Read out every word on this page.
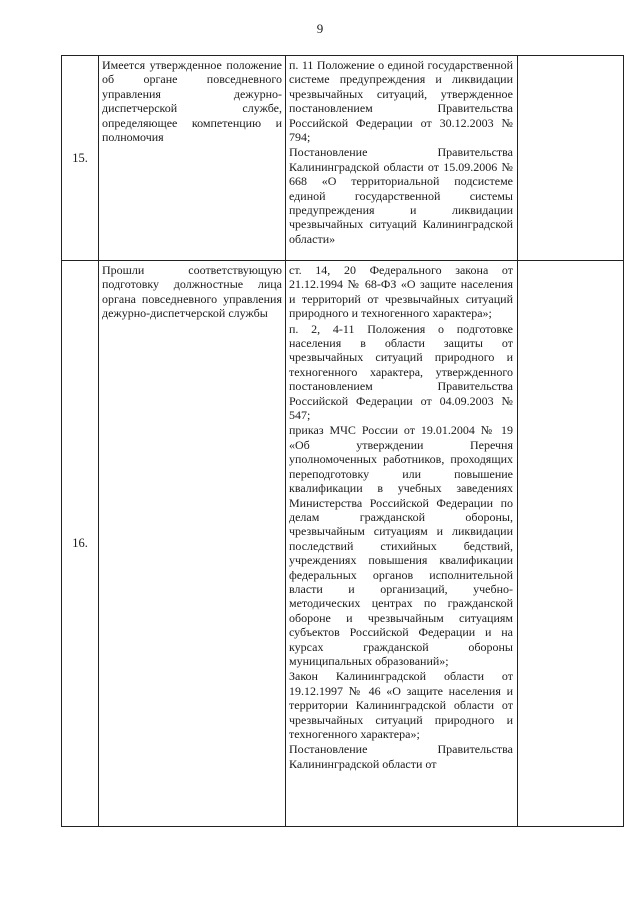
9
15.	Имеется утвержденное положение об органе повседневного управления дежурно-диспетчерской службе, определяющее компетенцию и полномочия	п. 11 Положение о единой государственной системе предупреждения и ликвидации чрезвычайных ситуаций, утвержденное постановлением Правительства Российской Федерации от 30.12.2003 № 794;

Постановление Правительства Калининградской области от 15.09.2006 № 668 «О территориальной подсистеме единой государственной системы предупреждения и ликвидации чрезвычайных ситуаций Калининградской области»	

16.	Прошли соответствующую подготовку должностные лица органа повседневного управления дежурно-диспетчерской службы	ст. 14, 20 Федерального закона от 21.12.1994 № 68-ФЗ «О защите населения и территорий от чрезвычайных ситуаций природного и техногенного характера»;

п. 2, 4-11 Положения о подготовке населения в области защиты от чрезвычайных ситуаций природного и техногенного характера, утвержденного постановлением Правительства Российской Федерации от 04.09.2003 № 547;

приказ МЧС России от 19.01.2004 № 19 «Об утверждении Перечня уполномоченных работников, проходящих переподготовку или повышение квалификации в учебных заведениях Министерства Российской Федерации по делам гражданской обороны, чрезвычайным ситуациям и ликвидации последствий стихийных бедствий, учреждениях повышения квалификации федеральных органов исполнительной власти и организаций, учебно-методических центрах по гражданской обороне и чрезвычайным ситуациям субъектов Российской Федерации и на курсах гражданской обороны муниципальных образований»;

Закон Калининградской области от 19.12.1997 № 46 «О защите населения и территории Калининградской области от чрезвычайных ситуаций природного и техногенного характера»;

Постановление Правительства Калининградской области от	
